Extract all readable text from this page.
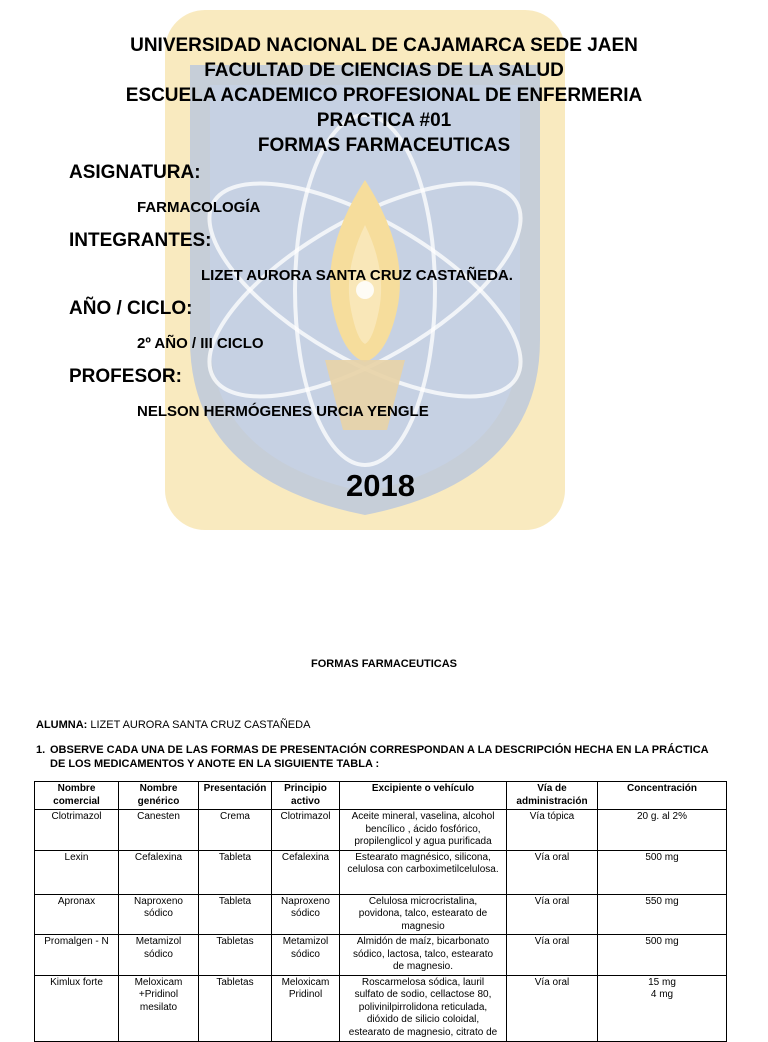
UNIVERSIDAD NACIONAL DE CAJAMARCA SEDE JAEN
FACULTAD DE CIENCIAS DE LA SALUD
ESCUELA ACADEMICO PROFESIONAL DE ENFERMERIA
PRACTICA #01
FORMAS FARMACEUTICAS
ASIGNATURA:
FARMACOLOGÍA
INTEGRANTES:
LIZET AURORA SANTA CRUZ CASTAÑEDA.
AÑO / CICLO:
2º AÑO / III CICLO
PROFESOR:
NELSON HERMÓGENES URCIA YENGLE
2018
FORMAS FARMACEUTICAS
ALUMNA: LIZET AURORA SANTA CRUZ CASTAÑEDA
1. OBSERVE CADA UNA DE LAS FORMAS DE PRESENTACIÓN CORRESPONDAN A LA DESCRIPCIÓN HECHA EN LA PRÁCTICA
DE LOS MEDICAMENTOS Y ANOTE EN LA SIGUIENTE TABLA :
Nombre
comercial	Nombre
genérico	Presentación	Principio
activo	Excipiente o vehículo	Vía de
administración	Concentración
Clotrimazol	Canesten	Crema	Clotrimazol	Aceite mineral, vaselina, alcohol
bencílico , ácido fosfórico,
propilenglicol y agua purificada	Vía tópica	20 g. al 2%
Lexin	Cefalexina	Tableta	Cefalexina	Estearato magnésico, silicona,
celulosa con carboximetilcelulosa.	Vía oral	500 mg
Apronax	Naproxeno
sódico	Tableta	Naproxeno
sódico	Celulosa microcristalina,
povidona, talco, estearato de
magnesio	Vía oral	550 mg
Promalgen - N	Metamizol
sódico	Tabletas	Metamizol
sódico	Almidón de maíz, bicarbonato
sódico, lactosa, talco, estearato
de magnesio.	Vía oral	500 mg
Kimlux forte	Meloxicam
+Pridinol
mesilato	Tabletas	Meloxicam
Pridinol	Roscarmelosa sódica, lauril
sulfato de sodio, cellactose 80,
polivinilpirrolidona reticulada,
dióxido de silicio coloidal,
estearato de magnesio, citrato de	Vía oral	15 mg
4 mg
